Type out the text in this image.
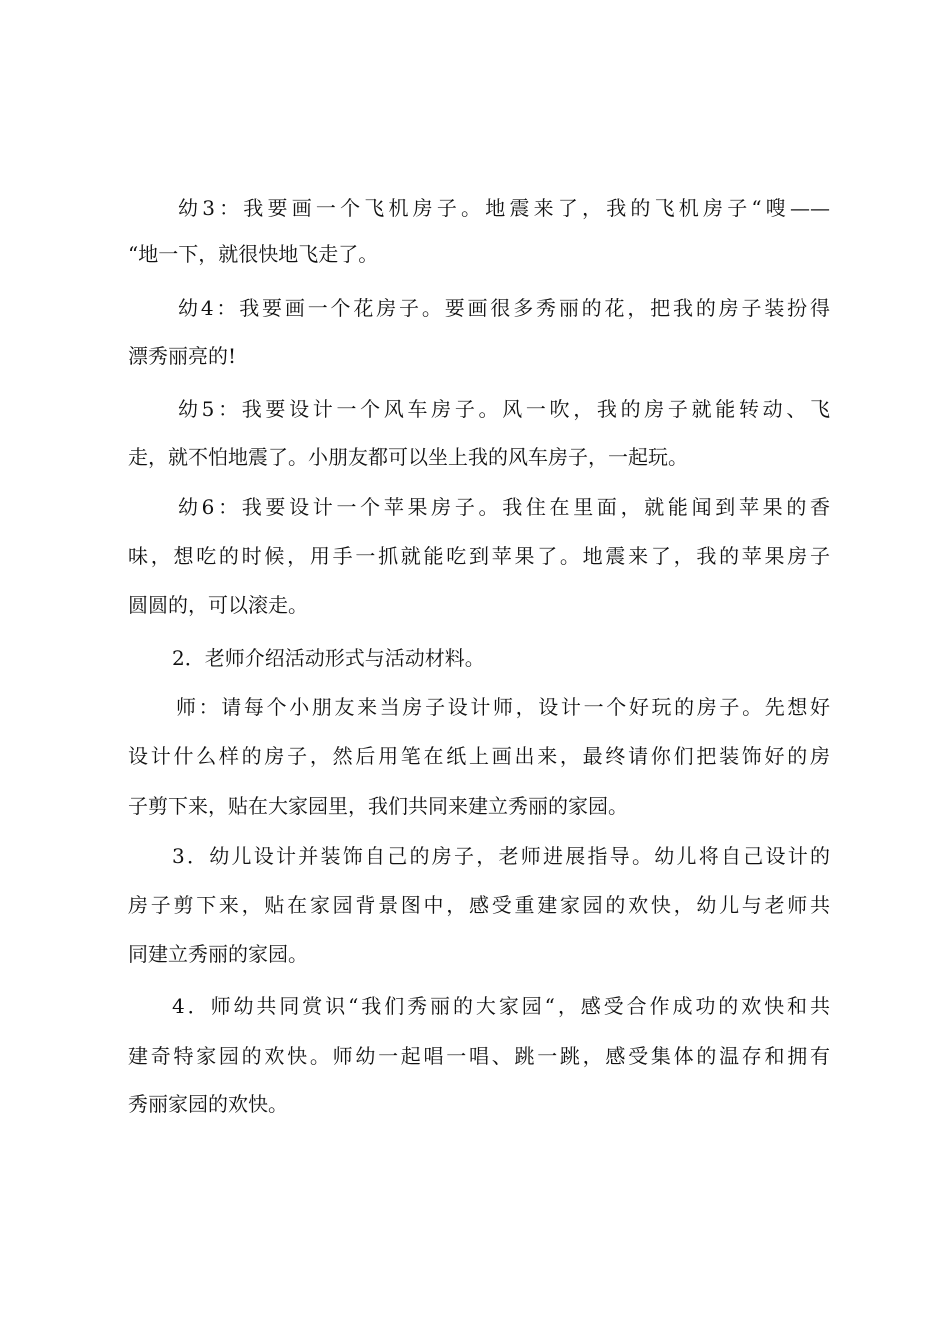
幼3：我要画一个飞机房子。地震来了，我的飞机房子“嗖——
“地一下，就很快地飞走了。
幼4：我要画一个花房子。要画很多秀丽的花，把我的房子装扮得
漂秀丽亮的!
幼5：我要设计一个风车房子。风一吹，我的房子就能转动、飞
走，就不怕地震了。小朋友都可以坐上我的风车房子，一起玩。
幼6：我要设计一个苹果房子。我住在里面，就能闻到苹果的香
味，想吃的时候，用手一抓就能吃到苹果了。地震来了，我的苹果房子
圆圆的，可以滚走。
2．老师介绍活动形式与活动材料。
师：请每个小朋友来当房子设计师，设计一个好玩的房子。先想好
设计什么样的房子，然后用笔在纸上画出来，最终请你们把装饰好的房
子剪下来，贴在大家园里，我们共同来建立秀丽的家园。
3．幼儿设计并装饰自己的房子，老师进展指导。幼儿将自己设计的
房子剪下来，贴在家园背景图中，感受重建家园的欢快，幼儿与老师共
同建立秀丽的家园。
4．师幼共同赏识“我们秀丽的大家园“，感受合作成功的欢快和共
建奇特家园的欢快。师幼一起唱一唱、跳一跳，感受集体的温存和拥有
秀丽家园的欢快。
